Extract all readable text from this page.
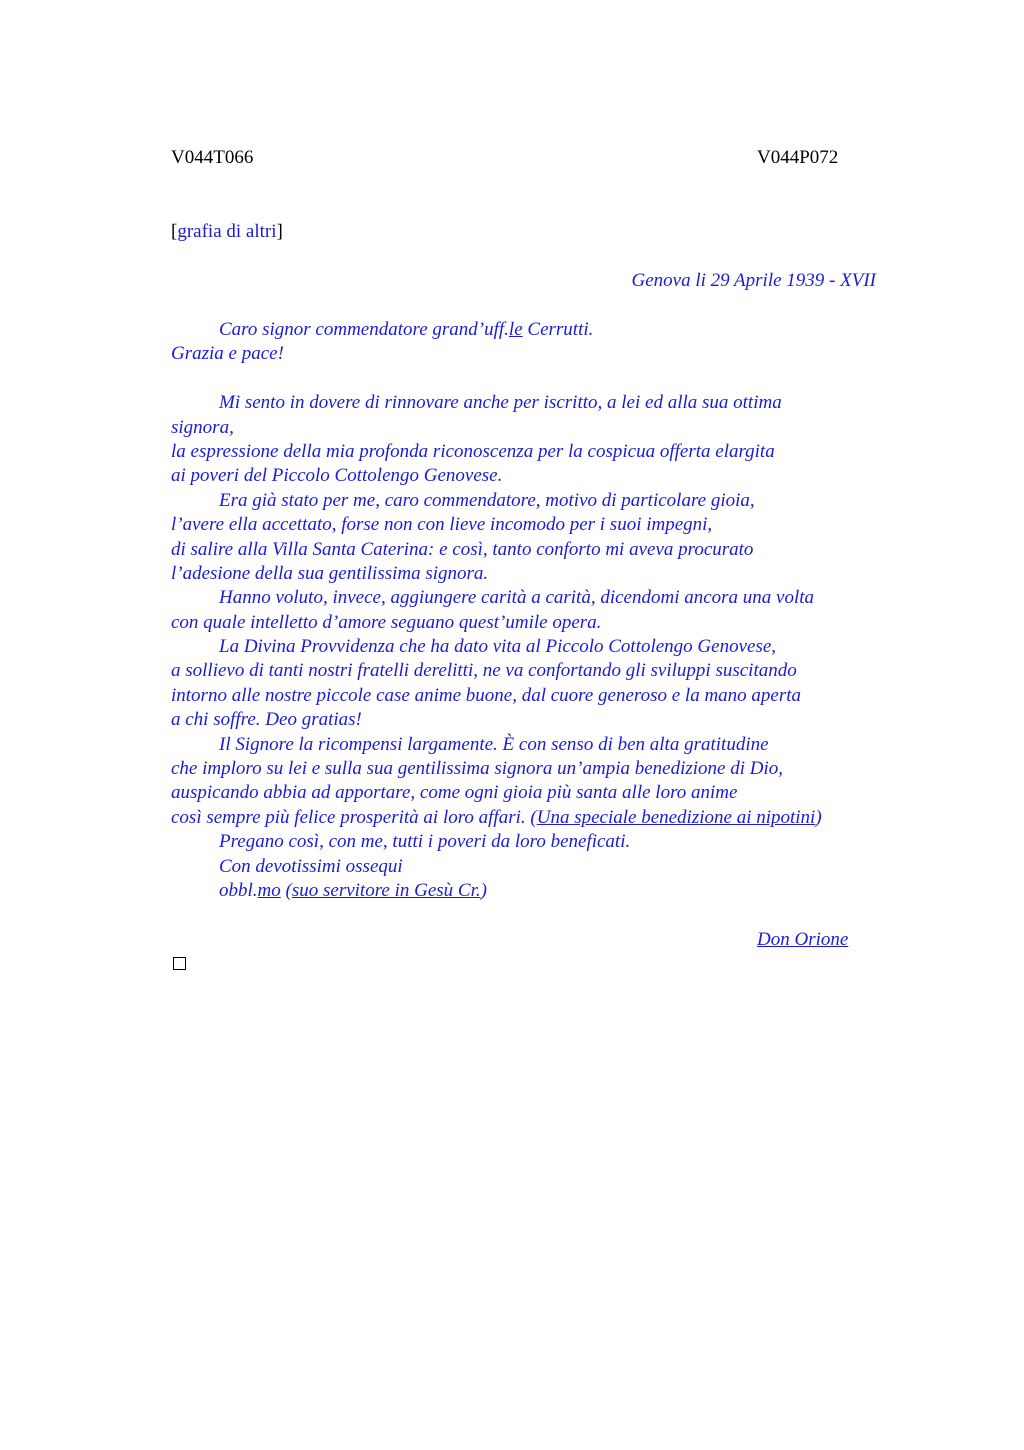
V044T066	V044P072
[grafia di altri]
Genova li 29 Aprile 1939 - XVII
Caro signor commendatore grand’uff.le Cerrutti.
Grazia e pace!
Mi sento in dovere di rinnovare anche per iscritto, a lei ed alla sua ottima
signora,
la espressione della mia profonda riconoscenza per la cospicua offerta elargita
ai poveri del Piccolo Cottolengo Genovese.
Era già stato per me, caro commendatore, motivo di particolare gioia,
l’avere ella accettato, forse non con lieve incomodo per i suoi impegni,
di salire alla Villa Santa Caterina: e così, tanto conforto mi aveva procurato
l’adesione della sua gentilissima signora.
Hanno voluto, invece, aggiungere carità a carità, dicendomi ancora una volta
con quale intelletto d’amore seguano quest’umile opera.
La Divina Provvidenza che ha dato vita al Piccolo Cottolengo Genovese,
a sollievo di tanti nostri fratelli derelitti, ne va confortando gli sviluppi suscitando
intorno alle nostre piccole case anime buone, dal cuore generoso e la mano aperta
a chi soffre. Deo gratias!
Il Signore la ricompensi largamente. È con senso di ben alta gratitudine
che imploro su lei e sulla sua gentilissima signora un’ampia benedizione di Dio,
auspicando abbia ad apportare, come ogni gioia più santa alle loro anime
così sempre più felice prosperità ai loro affari. (Una speciale benedizione ai nipotini)
Pregano così, con me, tutti i poveri da loro beneficati.
Con devotissimi ossequi
obbl.mo (suo servitore in Gesù Cr.)
Don Orione
